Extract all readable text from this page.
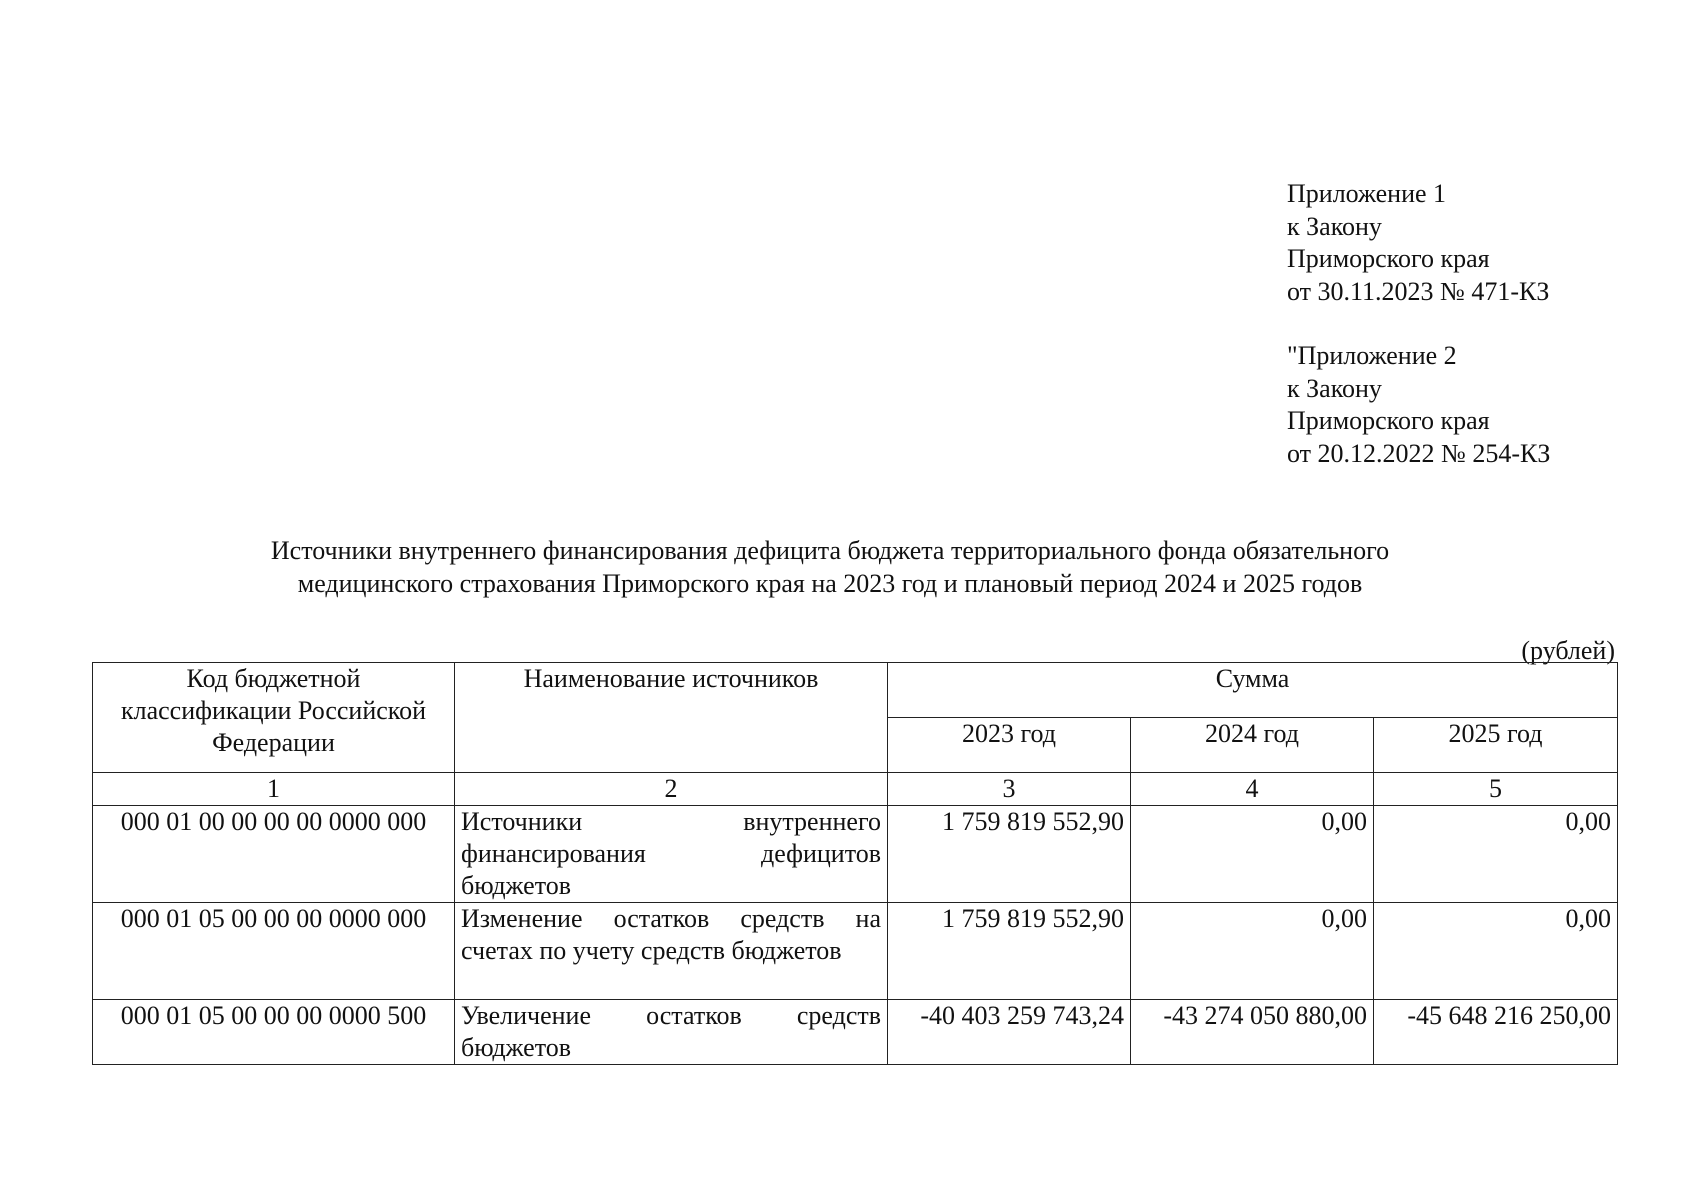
Приложение 1
к Закону
Приморского края
от 30.11.2023 № 471-КЗ
"Приложение 2
к Закону
Приморского края
от 20.12.2022 № 254-КЗ
Источники внутреннего финансирования дефицита бюджета территориального фонда обязательного
медицинского страхования Приморского края на 2023 год и плановый период 2024 и 2025 годов
(рублей)
Код бюджетной классификации Российской Федерации	Наименование источников	Сумма		
		2023 год	2024 год	2025 год
1	2	3	4	5
000 01 00 00 00 00 0000 000	Источники внутреннего финансирования дефицитов бюджетов	1 759 819 552,90	0,00	0,00
000 01 05 00 00 00 0000 000	Изменение остатков средств на счетах по учету средств бюджетов	1 759 819 552,90	0,00	0,00
000 01 05 00 00 00 0000 500	Увеличение остатков средств бюджетов	-40 403 259 743,24	-43 274 050 880,00	-45 648 216 250,00
